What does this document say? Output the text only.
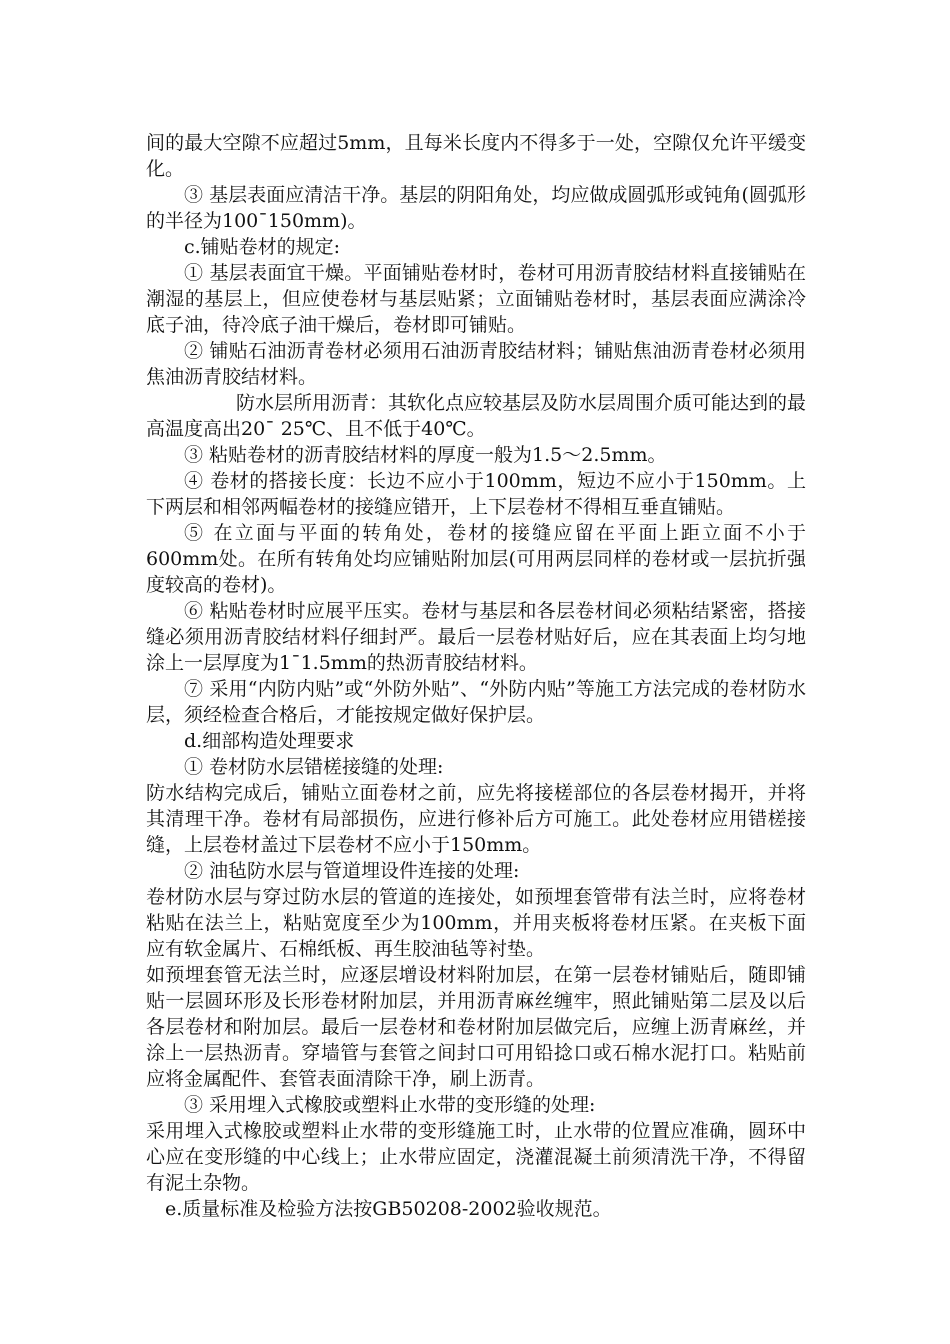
间的最大空隙不应超过5mm，且每米长度内不得多于一处，空隙仅允许平缓变化。

③ 基层表面应清洁干净。基层的阴阳角处，均应做成圆弧形或钝角(圆弧形的半径为100¯150mm)。

c.铺贴卷材的规定:

① 基层表面宜干燥。平面铺贴卷材时，卷材可用沥青胶结材料直接铺贴在潮湿的基层上，但应使卷材与基层贴紧；立面铺贴卷材时，基层表面应满涂冷底子油，待冷底子油干燥后，卷材即可铺贴。

② 铺贴石油沥青卷材必须用石油沥青胶结材料；铺贴焦油沥青卷材必须用焦油沥青胶结材料。

防水层所用沥青：其软化点应较基层及防水层周围介质可能达到的最高温度高出20¯ 25℃、且不低于40℃。

③ 粘贴卷材的沥青胶结材料的厚度一般为1.5～2.5mm。

④ 卷材的搭接长度：长边不应小于100mm，短边不应小于150mm。上下两层和相邻两幅卷材的接缝应错开，上下层卷材不得相互垂直铺贴。

⑤ 在立面与平面的转角处，卷材的接缝应留在平面上距立面不小于600mm处。在所有转角处均应铺贴附加层(可用两层同样的卷材或一层抗折强度较高的卷材)。

⑥ 粘贴卷材时应展平压实。卷材与基层和各层卷材间必须粘结紧密，搭接缝必须用沥青胶结材料仔细封严。最后一层卷材贴好后，应在其表面上均匀地涂上一层厚度为1¯1.5mm的热沥青胶结材料。

⑦ 采用“内防内贴”或“外防外贴”、“外防内贴”等施工方法完成的卷材防水层，须经检查合格后，才能按规定做好保护层。

d.细部构造处理要求

① 卷材防水层错槎接缝的处理:

防水结构完成后，铺贴立面卷材之前，应先将接槎部位的各层卷材揭开，并将其清理干净。卷材有局部损伤，应进行修补后方可施工。此处卷材应用错槎接缝，上层卷材盖过下层卷材不应小于150mm。

② 油毡防水层与管道埋设件连接的处理:

卷材防水层与穿过防水层的管道的连接处，如预埋套管带有法兰时，应将卷材粘贴在法兰上，粘贴宽度至少为100mm，并用夹板将卷材压紧。在夹板下面应有软金属片、石棉纸板、再生胶油毡等衬垫。

如预埋套管无法兰时，应逐层增设材料附加层，在第一层卷材铺贴后，随即铺贴一层圆环形及长形卷材附加层，并用沥青麻丝缠牢，照此铺贴第二层及以后各层卷材和附加层。最后一层卷材和卷材附加层做完后，应缠上沥青麻丝，并涂上一层热沥青。穿墙管与套管之间封口可用铅捻口或石棉水泥打口。粘贴前应将金属配件、套管表面清除干净，刷上沥青。

③ 采用埋入式橡胶或塑料止水带的变形缝的处理:

采用埋入式橡胶或塑料止水带的变形缝施工时，止水带的位置应准确，圆环中心应在变形缝的中心线上；止水带应固定，浇灌混凝土前须清洗干净，不得留有泥土杂物。

e.质量标准及检验方法按GB50208-2002验收规范。
